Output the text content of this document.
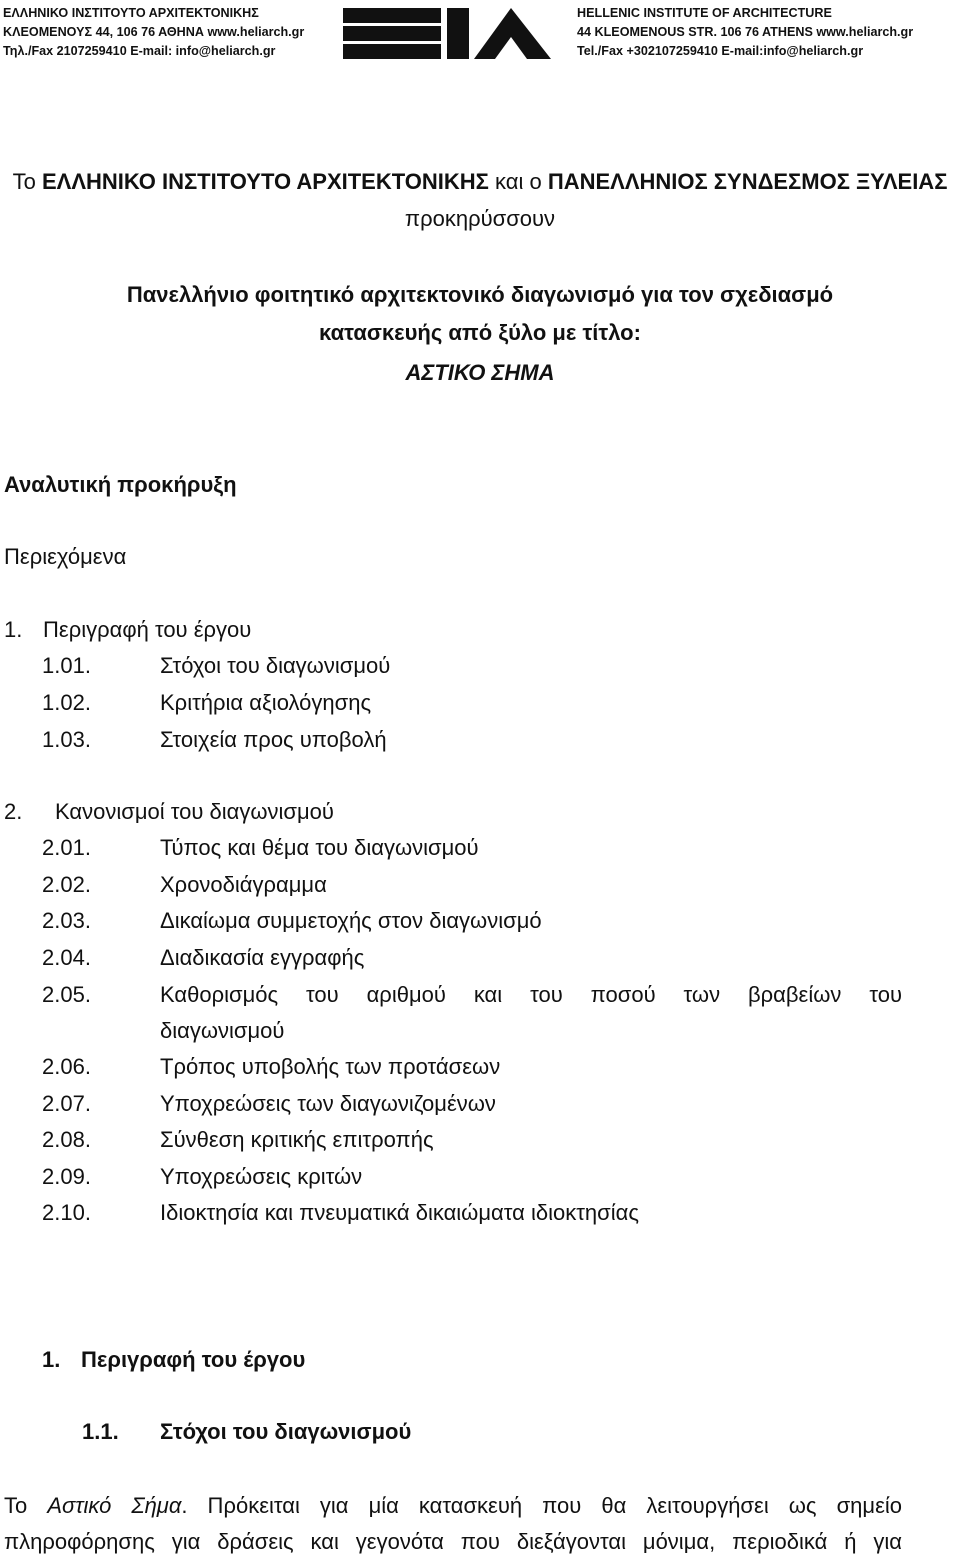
ΕΛΛΗΝΙΚΟ ΙΝΣΤΙΤΟΥΤΟ ΑΡΧΙΤΕΚΤΟΝΙΚΗΣ
ΚΛΕΟΜΕΝΟΥΣ 44, 106 76 ΑΘΗΝΑ www.heliarch.gr
Τηλ./Fax 2107259410 E-mail: info@heliarch.gr
HELLENIC INSTITUTE OF ARCHITECTURE
44 KLEOMENOUS STR. 106 76 ATHENS www.heliarch.gr
Tel./Fax +302107259410 E-mail:info@heliarch.gr
Το ΕΛΛΗΝΙΚΟ ΙΝΣΤΙΤΟΥΤΟ ΑΡΧΙΤΕΚΤΟΝΙΚΗΣ και ο ΠΑΝΕΛΛΗΝΙΟΣ ΣΥΝΔΕΣΜΟΣ ΞΥΛΕΙΑΣ
προκηρύσσουν
Πανελλήνιο φοιτητικό αρχιτεκτονικό διαγωνισμό για τον σχεδιασμό
κατασκευής από ξύλο με τίτλο:
ΑΣΤΙΚΟ ΣΗΜΑ
Αναλυτική προκήρυξη
Περιεχόμενα
1. Περιγραφή του έργου
1.01.	Στόχοι του διαγωνισμού
1.02.	Κριτήρια αξιολόγησης
1.03.	Στοιχεία προς υποβολή
2. Κανονισμοί του διαγωνισμού
2.01.	Τύπος και θέμα του διαγωνισμού
2.02.	Χρονοδιάγραμμα
2.03.	Δικαίωμα συμμετοχής στον διαγωνισμό
2.04.	Διαδικασία εγγραφής
2.05.	Καθορισμός του αριθμού και του ποσού των βραβείων του
διαγωνισμού
2.06.	Τρόπος υποβολής των προτάσεων
2.07.	Υποχρεώσεις των διαγωνιζομένων
2.08.	Σύνθεση κριτικής επιτροπής
2.09.	Υποχρεώσεις κριτών
2.10.	Ιδιοκτησία και πνευματικά δικαιώματα ιδιοκτησίας
1. Περιγραφή του έργου
1.1. Στόχοι του διαγωνισμού
Το Αστικό Σήμα. Πρόκειται για μία κατασκευή που θα λειτουργήσει ως σημείο
πληροφόρησης για δράσεις και γεγονότα που διεξάγονται μόνιμα, περιοδικά ή για
